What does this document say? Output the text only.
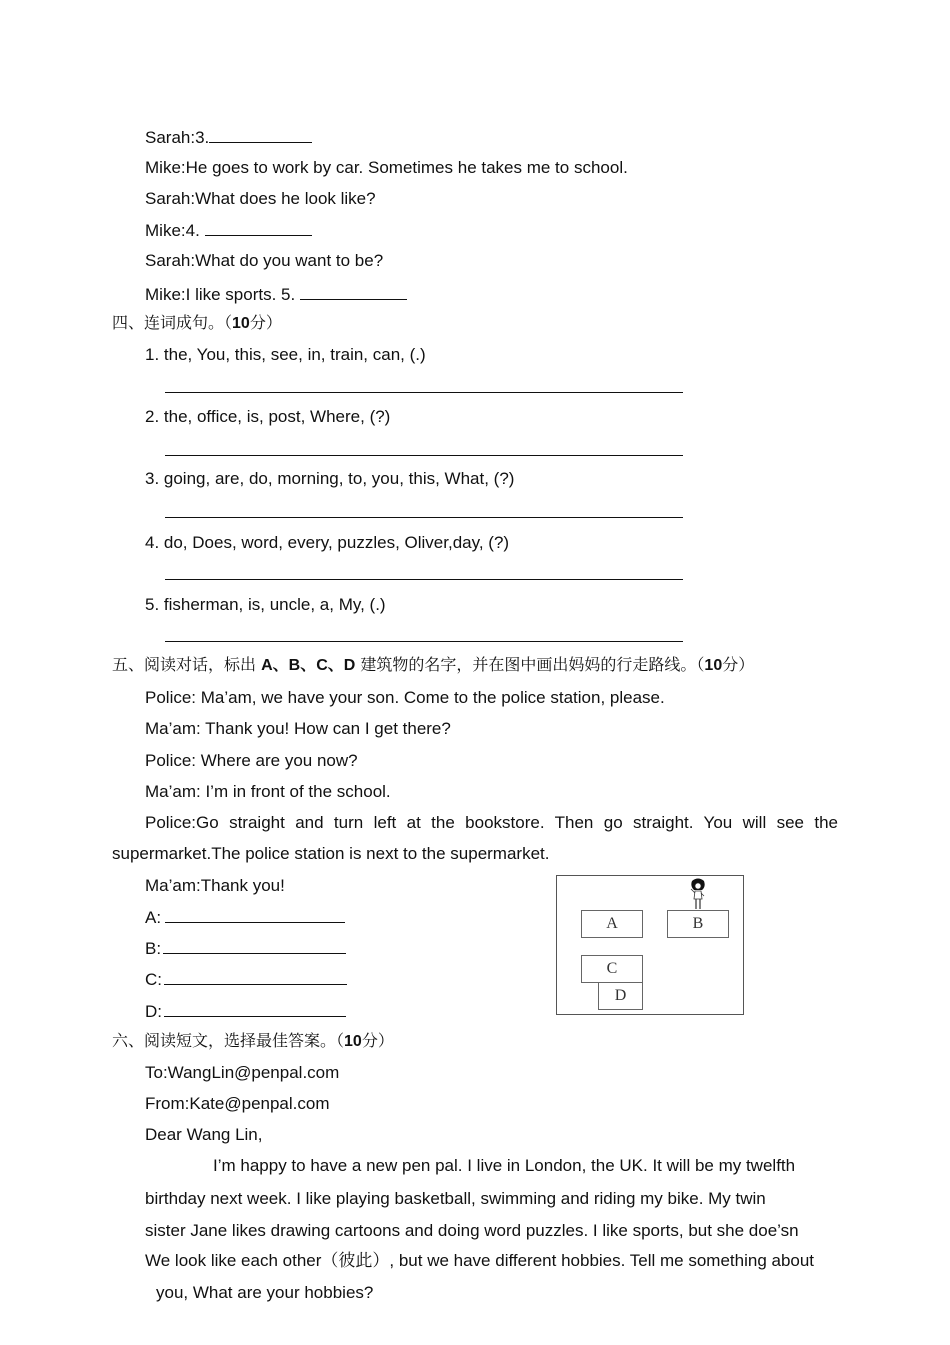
Sarah:3.
Mike:He goes to work by car. Sometimes he takes me to school.
Sarah:What does he look like?
Mike:4.
Sarah:What do you want to be?
Mike:I like sports. 5.
四、连词成句。（10分）
1. the, You, this, see, in, train, can, (.)
2. the, office, is, post, Where, (?)
3. going, are, do, morning, to, you, this, What, (?)
4. do, Does, word, every, puzzles, Oliver,day, (?)
5. fisherman, is, uncle, a, My, (.)
五、阅读对话，标出 A、B、C、D 建筑物的名字，并在图中画出妈妈的行走路线。（10分）
Police: Ma’am, we have your son. Come to the police station, please.
Ma’am: Thank you! How can I get there?
Police: Where are you now?
Ma’am: I’m in front of the school.
Police:Go straight and turn left at the bookstore. Then go straight. You will see the
supermarket.The police station is next to the supermarket.
Ma’am:Thank you!
A:
B:
C:
D:
A	B
D
C
六、阅读短文，选择最佳答案。（10分）
To:WangLin@penpal.com
From:Kate@penpal.com
Dear Wang Lin,
I’m happy to have a new pen pal. I live in London, the UK. It will be my twelfth
birthday next week. I like playing basketball, swimming and riding my bike. My twin
sister Jane likes drawing cartoons and doing word puzzles. I like sports, but she doe’sn
We look like each other（彼此）, but we have different hobbies. Tell me something about
you, What are your hobbies?
